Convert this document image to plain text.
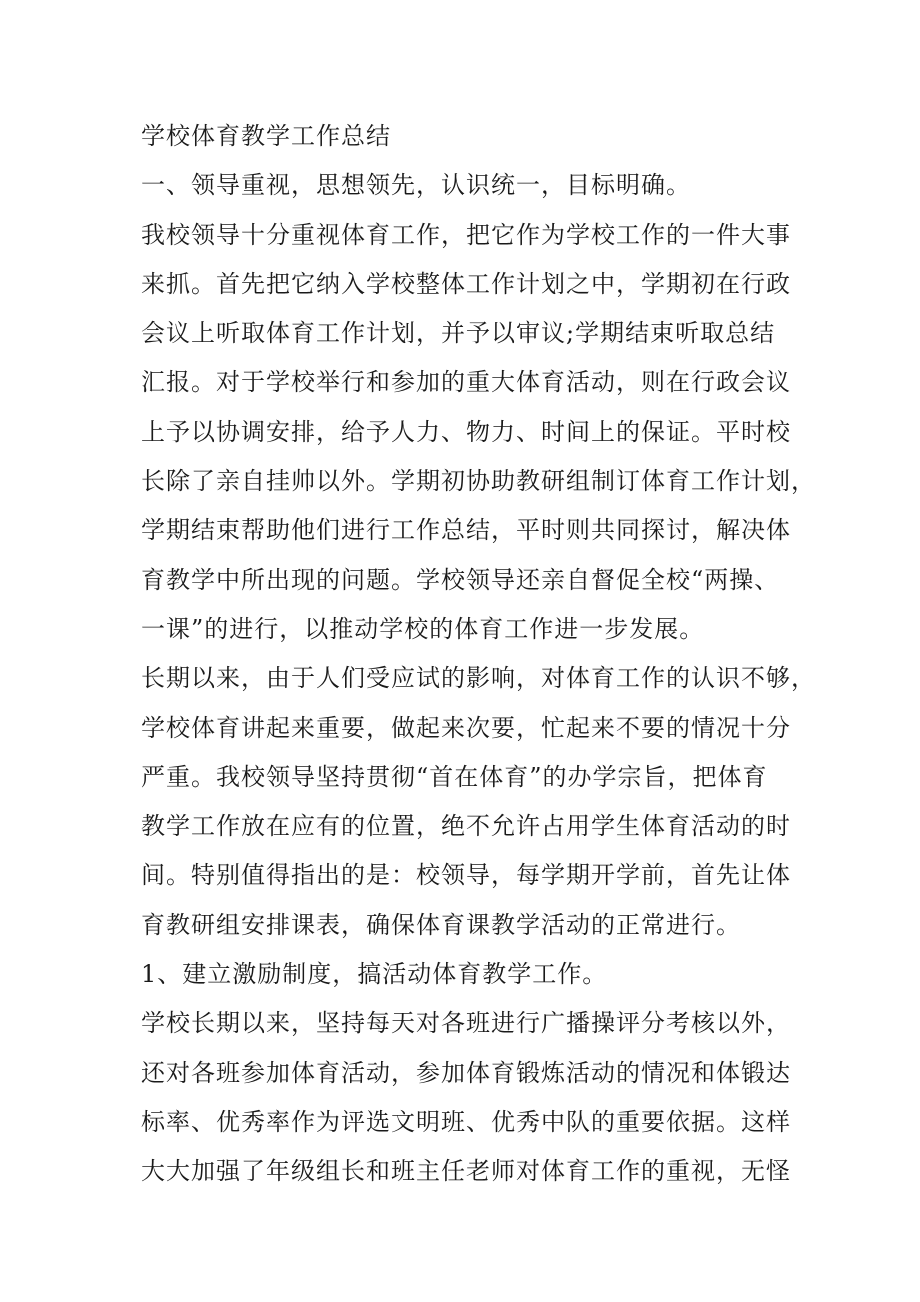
学校体育教学工作总结
一、领导重视，思想领先，认识统一，目标明确。
我校领导十分重视体育工作，把它作为学校工作的一件大事
来抓。首先把它纳入学校整体工作计划之中，学期初在行政
会议上听取体育工作计划，并予以审议;学期结束听取总结
汇报。对于学校举行和参加的重大体育活动，则在行政会议
上予以协调安排，给予人力、物力、时间上的保证。平时校
长除了亲自挂帅以外。学期初协助教研组制订体育工作计划，
学期结束帮助他们进行工作总结，平时则共同探讨，解决体
育教学中所出现的问题。学校领导还亲自督促全校“两操、
一课”的进行，以推动学校的体育工作进一步发展。
长期以来，由于人们受应试的影响，对体育工作的认识不够，
学校体育讲起来重要，做起来次要，忙起来不要的情况十分
严重。我校领导坚持贯彻“首在体育”的办学宗旨，把体育
教学工作放在应有的位置，绝不允许占用学生体育活动的时
间。特别值得指出的是：校领导，每学期开学前，首先让体
育教研组安排课表，确保体育课教学活动的正常进行。
1、建立激励制度，搞活动体育教学工作。
学校长期以来，坚持每天对各班进行广播操评分考核以外，
还对各班参加体育活动，参加体育锻炼活动的情况和体锻达
标率、优秀率作为评选文明班、优秀中队的重要依据。这样
大大加强了年级组长和班主任老师对体育工作的重视，无怪
